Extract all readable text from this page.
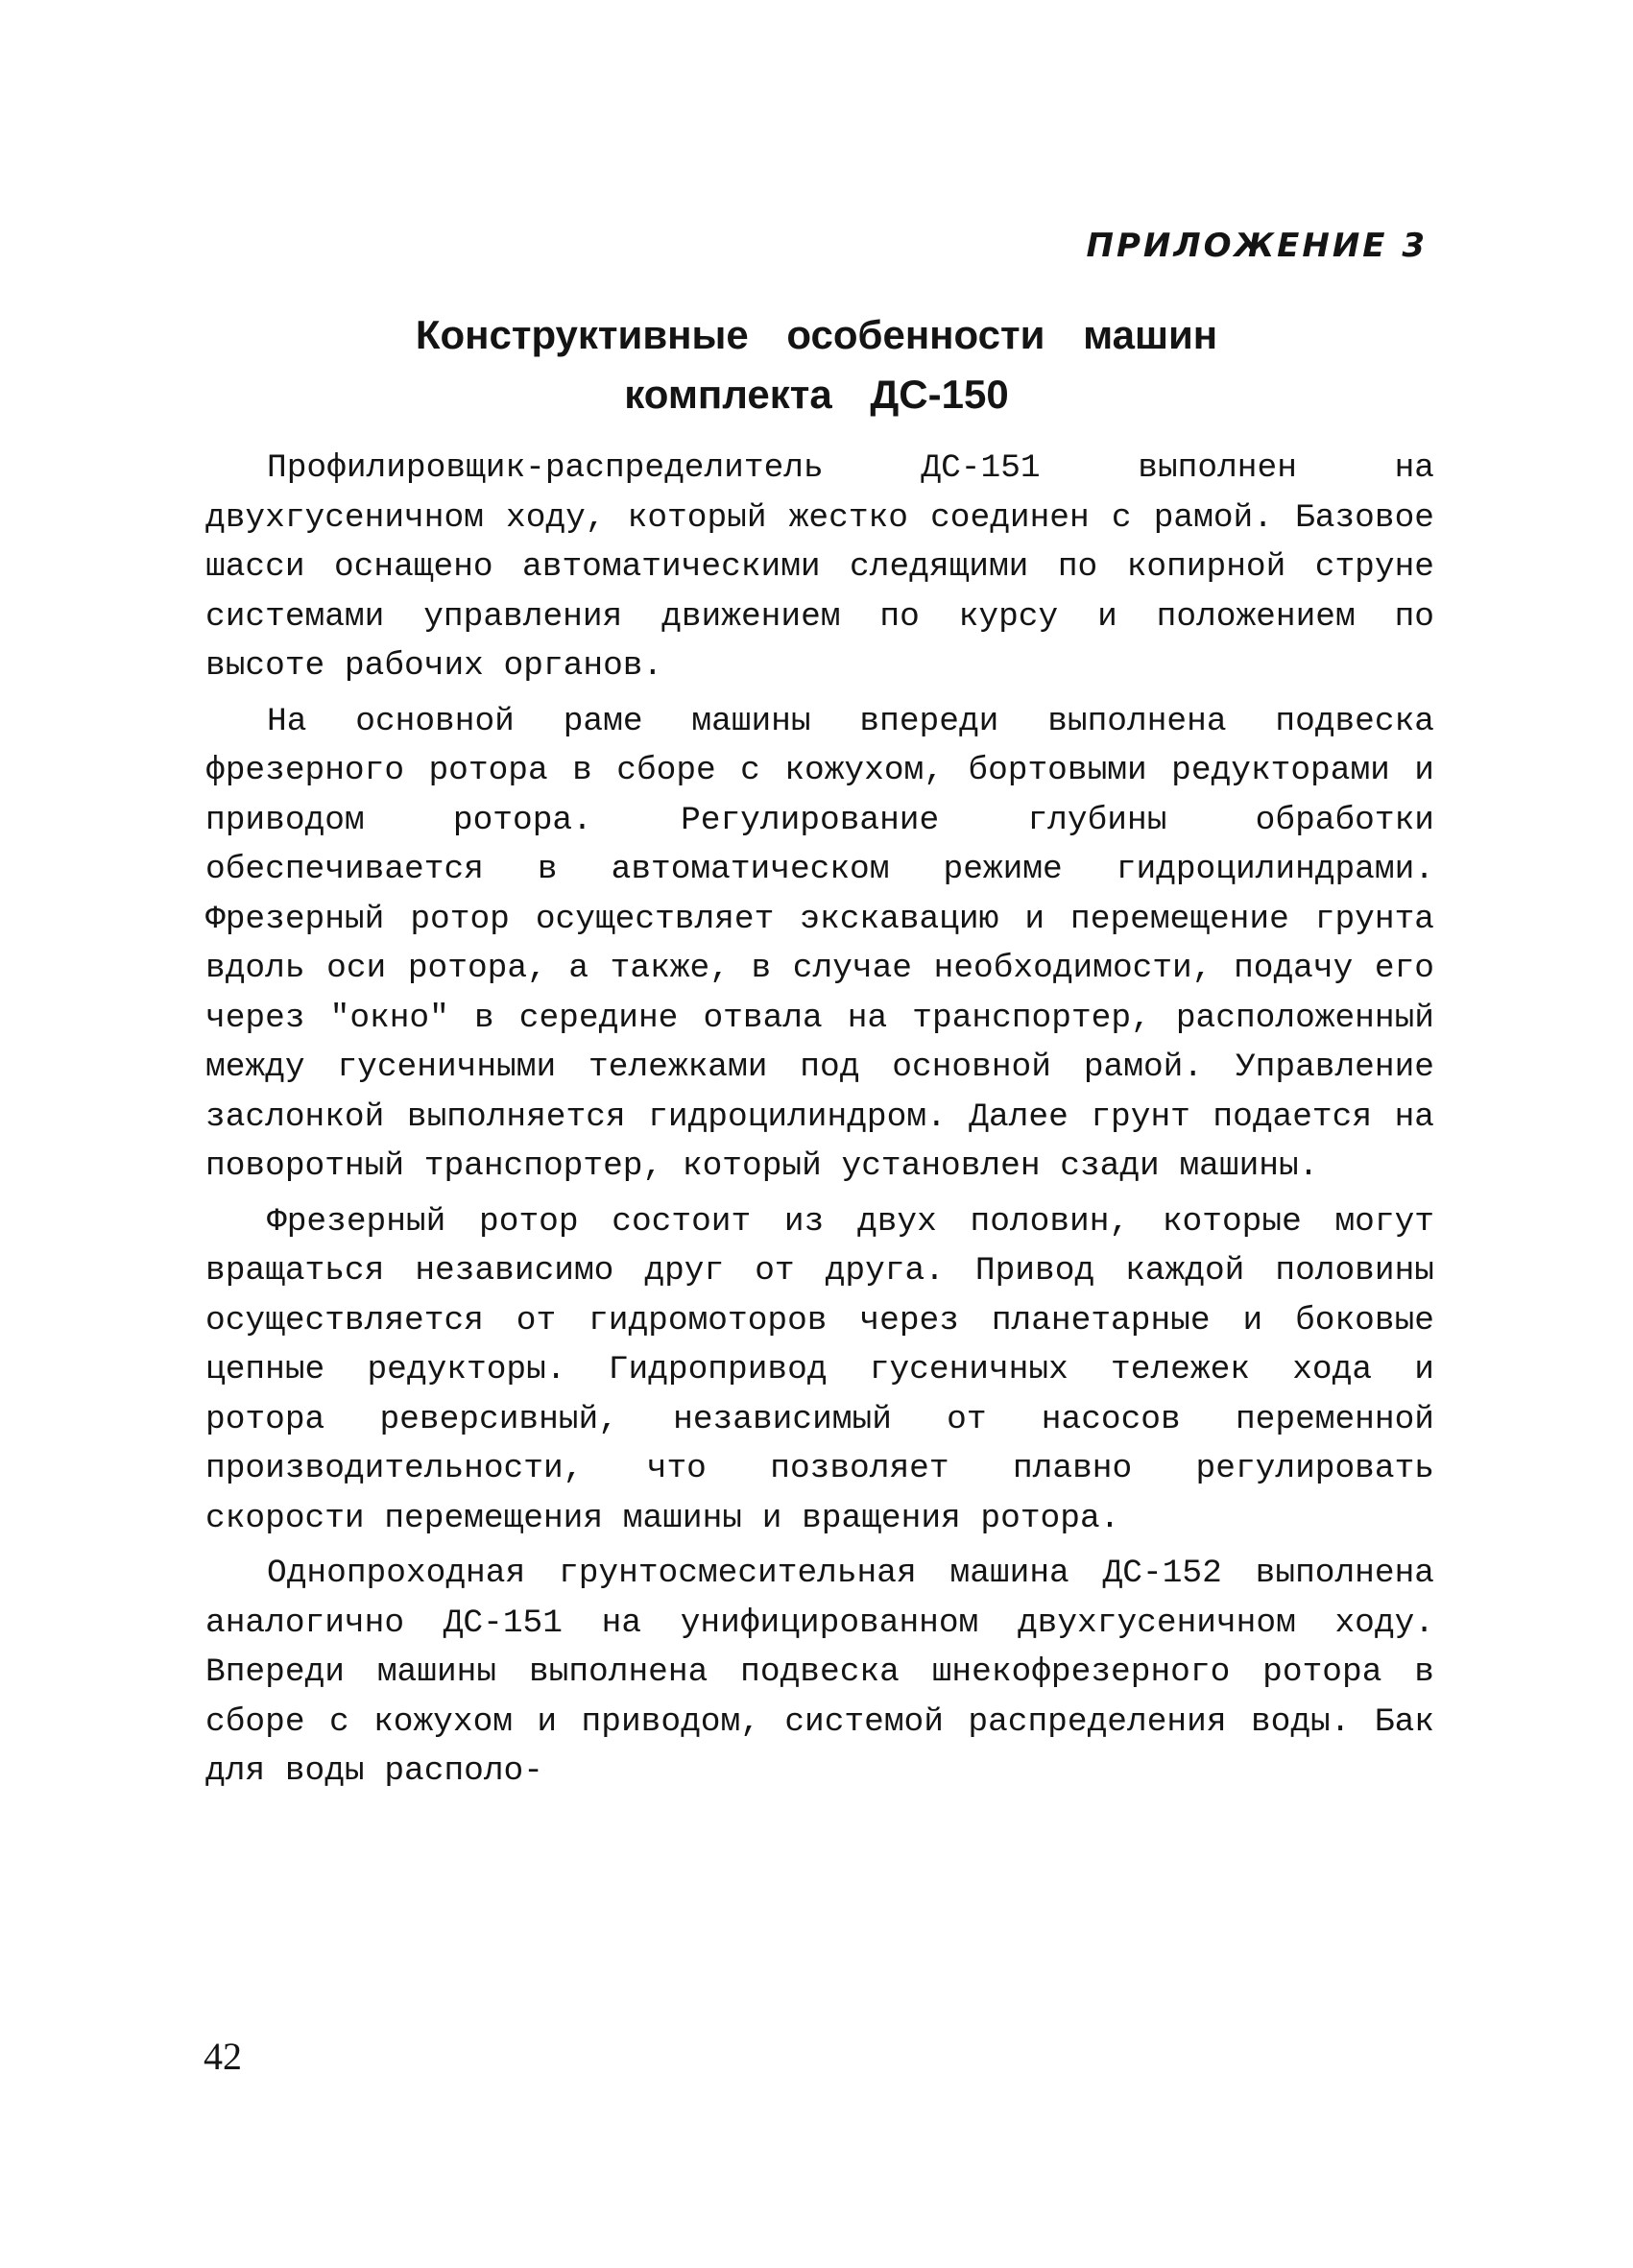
ПРИЛОЖЕНИЕ 3
Конструктивные особенности машин
комплекта ДС-150

Профилировщик-распределитель ДС-151 выполнен на двухгусеничном ходу, который жестко соединен с рамой. Базовое шасси оснащено автоматическими следящими по копирной струне системами управления движением по курсу и положением по высоте рабочих органов.

На основной раме машины впереди выполнена подвеска фрезерного ротора в сборе с кожухом, бортовыми редукторами и приводом ротора. Регулирование глубины обработки обеспечивается в автоматическом режиме гидроцилиндрами. Фрезерный ротор осуществляет экскавацию и перемещение грунта вдоль оси ротора, а также, в случае необходимости, подачу его через "окно" в середине отвала на транспортер, расположенный между гусеничными тележками под основной рамой. Управление заслонкой выполняется гидроцилиндром. Далее грунт подается на поворотный транспортер, который установлен сзади машины.

Фрезерный ротор состоит из двух половин, которые могут вращаться независимо друг от друга. Привод каждой половины осуществляется от гидромоторов через планетарные и боковые цепные редукторы. Гидропривод гусеничных тележек хода и ротора реверсивный, независимый от насосов переменной производительности, что позволяет плавно регулировать скорости перемещения машины и вращения ротора.

Однопроходная грунтосмесительная машина ДС-152 выполнена аналогично ДС-151 на унифицированном двухгусеничном ходу. Впереди машины выполнена подвеска шнекофрезерного ротора в сборе с кожухом и приводом, системой распределения воды. Бак для воды располо-

42
